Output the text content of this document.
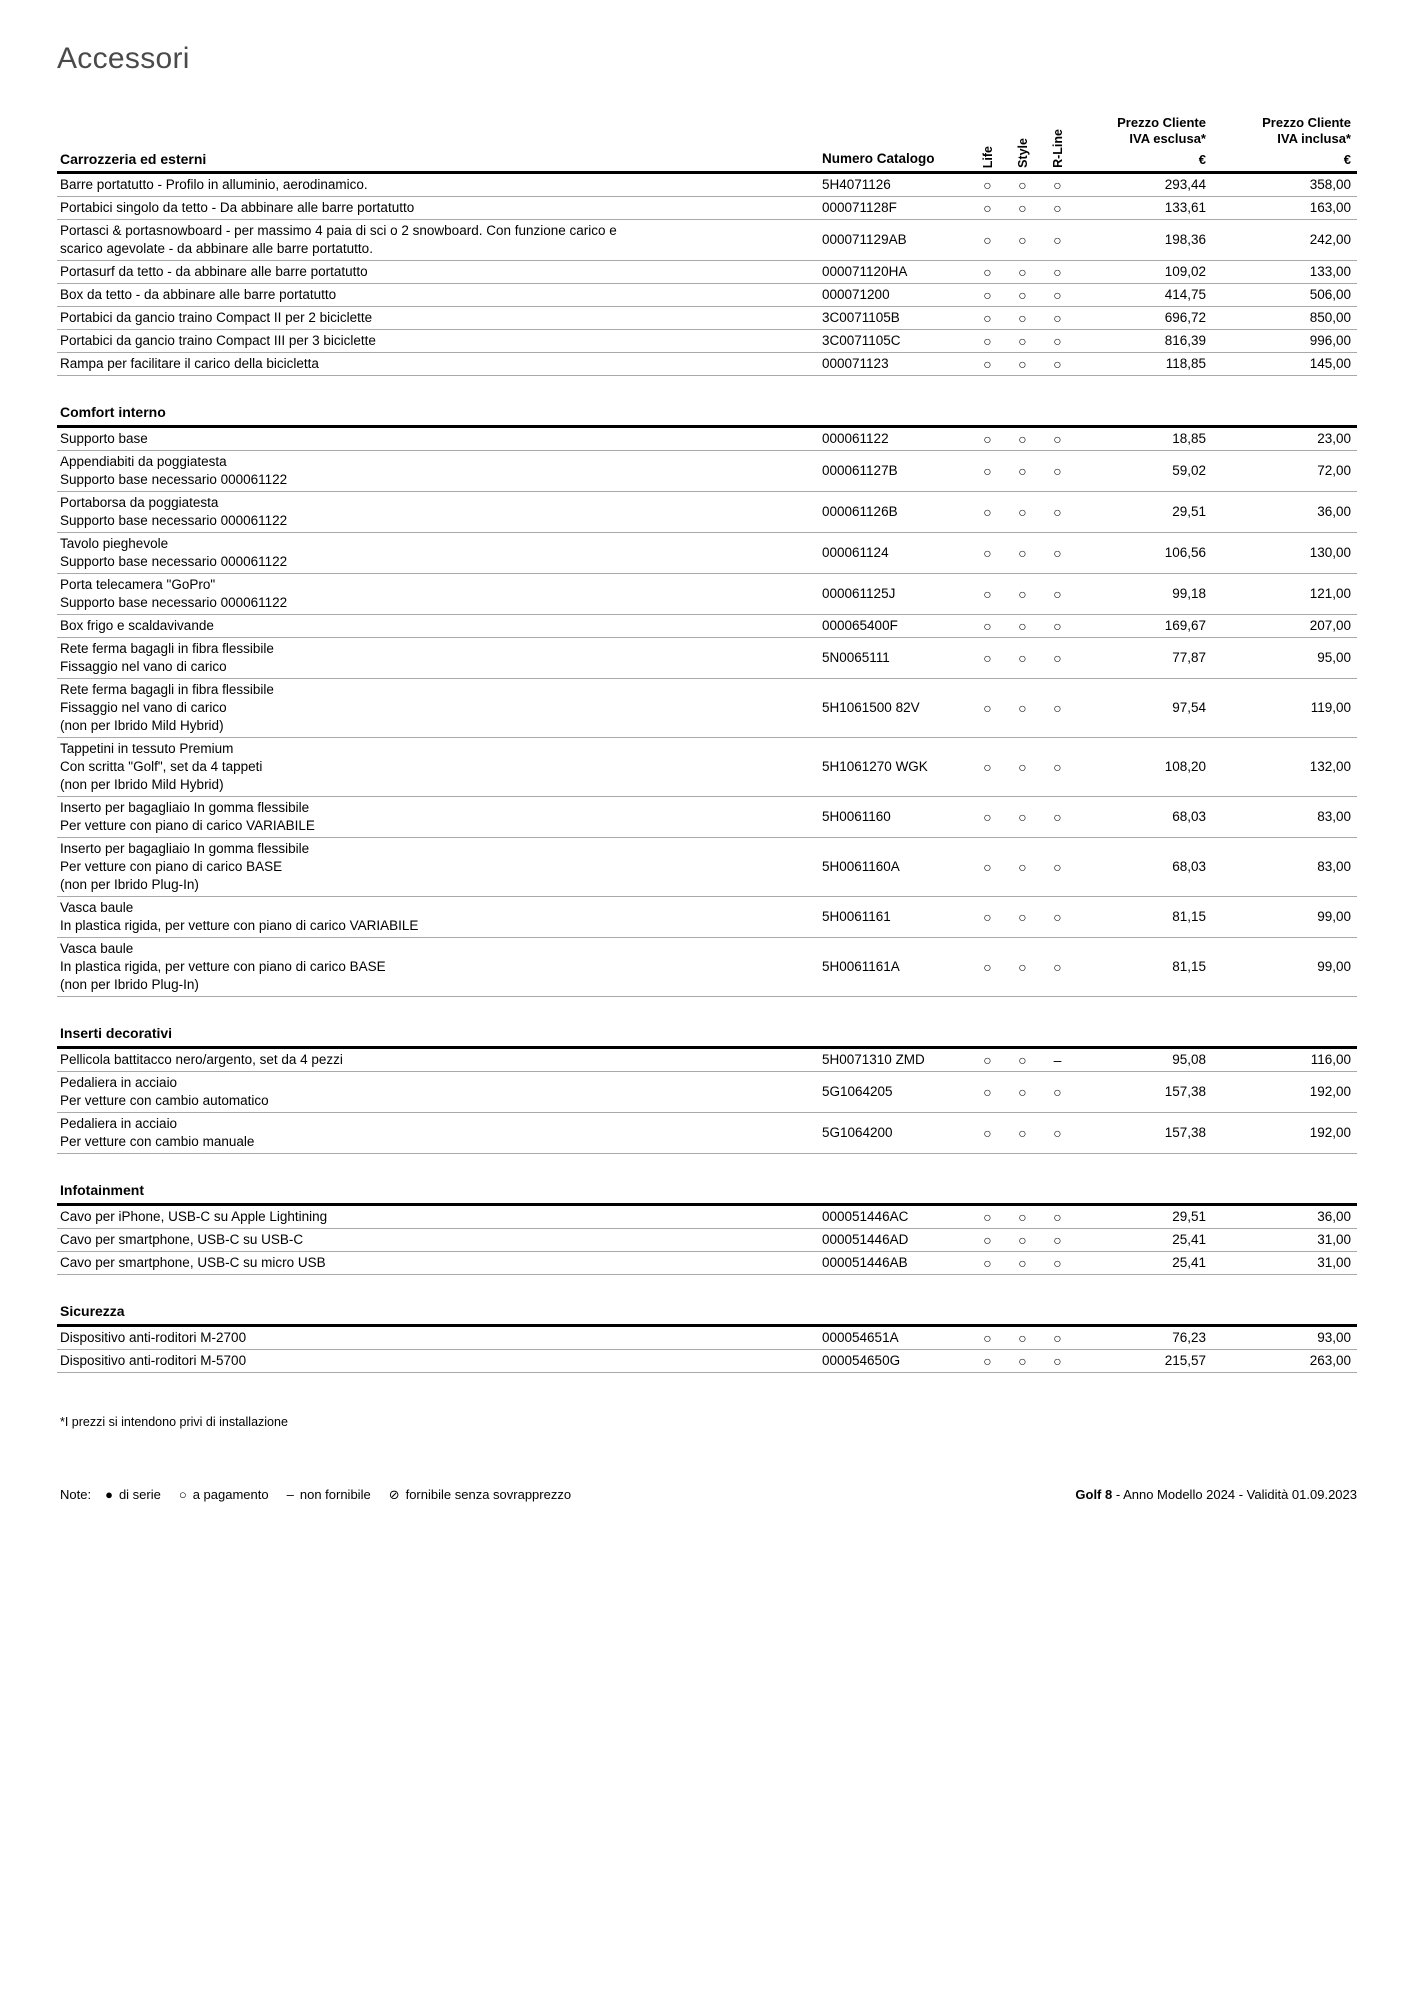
Accessori
Carrozzeria ed esterni	Numero Catalogo	Life Style R-Line
Prezzo Cliente
IVA esclusa*
€
Prezzo Cliente
IVA inclusa*
€
Barre portatutto - Profilo in alluminio, aerodinamico.	5H4071126	○	○	○	293,44	358,00
Portabici singolo da tetto - Da abbinare alle barre portatutto	000071128F	○	○	○	133,61	163,00
Portasci & portasnowboard - per massimo 4 paia di sci o 2 snowboard. Con funzione carico e
scarico agevolate - da abbinare alle barre portatutto.
000071129AB	○	○	○	198,36	242,00
Portasurf da tetto - da abbinare alle barre portatutto	000071120HA	○	○	○	109,02	133,00
Box da tetto - da abbinare alle barre portatutto	000071200	○	○	○	414,75	506,00
Portabici da gancio traino Compact II per 2 biciclette	3C0071105B	○	○	○	696,72	850,00
Portabici da gancio traino Compact III per 3 biciclette	3C0071105C	○	○	○	816,39	996,00
Rampa per facilitare il carico della bicicletta	000071123	○	○	○	118,85	145,00
Comfort interno
Supporto base	000061122	○	○	○	18,85	23,00
Appendiabiti da poggiatesta
Supporto base necessario 000061122
000061127B	○	○	○	59,02	72,00
Portaborsa da poggiatesta
Supporto base necessario 000061122
000061126B	○	○	○	29,51	36,00
Tavolo pieghevole
Supporto base necessario 000061122
000061124	○	○	○	106,56	130,00
Porta telecamera "GoPro"
Supporto base necessario 000061122
000061125J	○	○	○	99,18	121,00
Box frigo e scaldavivande	000065400F	○	○	○	169,67	207,00
Rete ferma bagagli in fibra flessibile
Fissaggio nel vano di carico
5N0065111	○	○	○	77,87	95,00
Rete ferma bagagli in fibra flessibile
Fissaggio nel vano di carico
(non per Ibrido Mild Hybrid)
5H1061500 82V	○	○	○	97,54	119,00
Tappetini in tessuto Premium
Con scritta "Golf", set da 4 tappeti
(non per Ibrido Mild Hybrid)
5H1061270 WGK	○	○	○	108,20	132,00
Inserto per bagagliaio In gomma flessibile
Per vetture con piano di carico VARIABILE
5H0061160	○	○	○	68,03	83,00
Inserto per bagagliaio In gomma flessibile
Per vetture con piano di carico BASE
(non per Ibrido Plug-In)
5H0061160A	○	○	○	68,03	83,00
Vasca baule
In plastica rigida, per vetture con piano di carico VARIABILE
5H0061161	○	○	○	81,15	99,00
Vasca baule
In plastica rigida, per vetture con piano di carico BASE
(non per Ibrido Plug-In)
5H0061161A	○	○	○	81,15	99,00
Inserti decorativi
Pellicola battitacco nero/argento, set da 4 pezzi	5H0071310 ZMD	○	○	–	95,08	116,00
Pedaliera in acciaio
Per vetture con cambio automatico
5G1064205	○	○	○	157,38	192,00
Pedaliera in acciaio
Per vetture con cambio manuale
5G1064200	○	○	○	157,38	192,00
Infotainment
Cavo per iPhone, USB-C su Apple Lightining	000051446AC	○	○	○	29,51	36,00
Cavo per smartphone, USB-C su USB-C	000051446AD	○	○	○	25,41	31,00
Cavo per smartphone, USB-C su micro USB	000051446AB	○	○	○	25,41	31,00
Sicurezza
Dispositivo anti-roditori M-2700	000054651A	○	○	○	76,23	93,00
Dispositivo anti-roditori M-5700	000054650G	○	○	○	215,57	263,00
*I prezzi si intendono privi di installazione
Note: ● di serie ○ a pagamento – non fornibile ⊘ fornibile senza sovrapprezzo	Golf 8 - Anno Modello 2024 - Validità 01.09.2023
